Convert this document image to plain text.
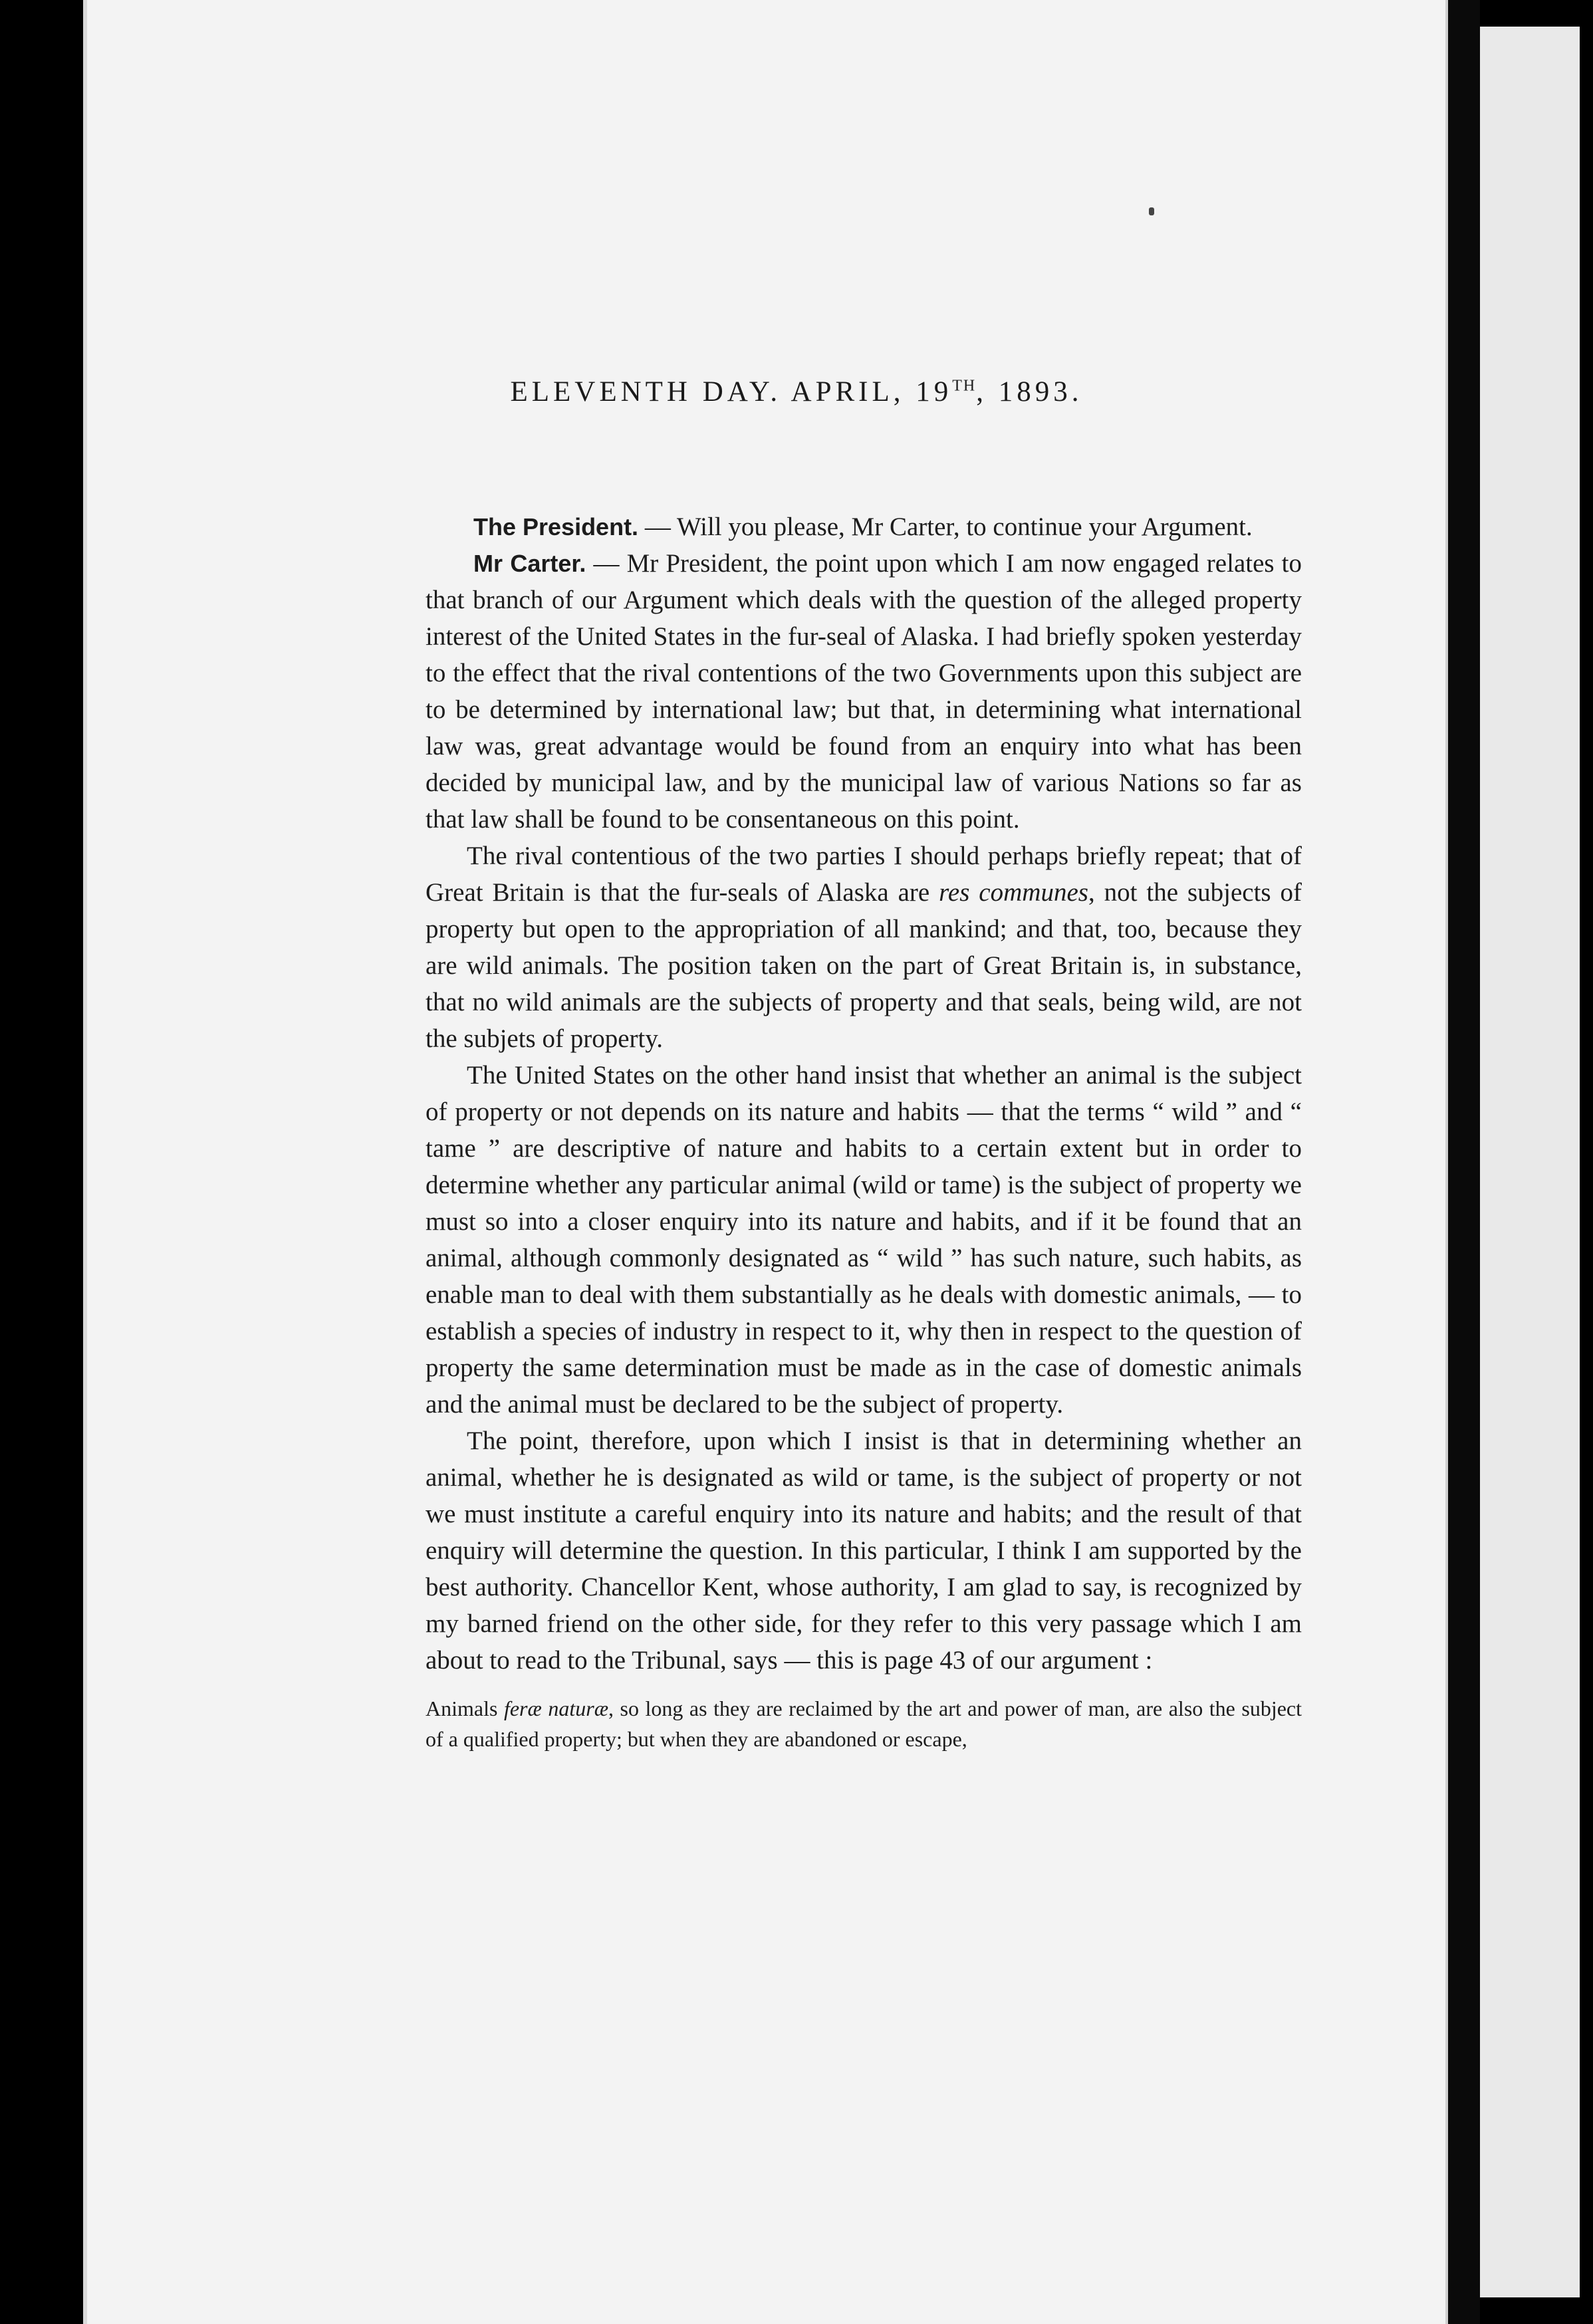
ELEVENTH DAY. APRIL, 19TH, 1893.

The President. — Will you please, Mr Carter, to continue your Argument.

Mr Carter. — Mr President, the point upon which I am now engaged relates to that branch of our Argument which deals with the question of the alleged property interest of the United States in the fur-seal of Alaska. I had briefly spoken yesterday to the effect that the rival contentions of the two Governments upon this subject are to be determined by international law; but that, in determining what international law was, great advantage would be found from an enquiry into what has been decided by municipal law, and by the municipal law of various Nations so far as that law shall be found to be consentaneous on this point.

The rival contentious of the two parties I should perhaps briefly repeat; that of Great Britain is that the fur-seals of Alaska are res communes, not the subjects of property but open to the appropriation of all mankind; and that, too, because they are wild animals. The position taken on the part of Great Britain is, in substance, that no wild animals are the subjects of property and that seals, being wild, are not the subjets of property.

The United States on the other hand insist that whether an animal is the subject of property or not depends on its nature and habits — that the terms “ wild ” and “ tame ” are descriptive of nature and habits to a certain extent but in order to determine whether any particular animal (wild or tame) is the subject of property we must so into a closer enquiry into its nature and habits, and if it be found that an animal, although commonly designated as “ wild ” has such nature, such habits, as enable man to deal with them substantially as he deals with domestic animals, — to establish a species of industry in respect to it, why then in respect to the question of property the same determination must be made as in the case of domestic animals and the animal must be declared to be the subject of property.

The point, therefore, upon which I insist is that in determining whether an animal, whether he is designated as wild or tame, is the subject of property or not we must institute a careful enquiry into its nature and habits; and the result of that enquiry will determine the question. In this particular, I think I am supported by the best authority. Chancellor Kent, whose authority, I am glad to say, is recognized by my barned friend on the other side, for they refer to this very passage which I am about to read to the Tribunal, says — this is page 43 of our argument :

Animals feræ naturæ, so long as they are reclaimed by the art and power of man, are also the subject of a qualified property; but when they are abandoned or escape,
